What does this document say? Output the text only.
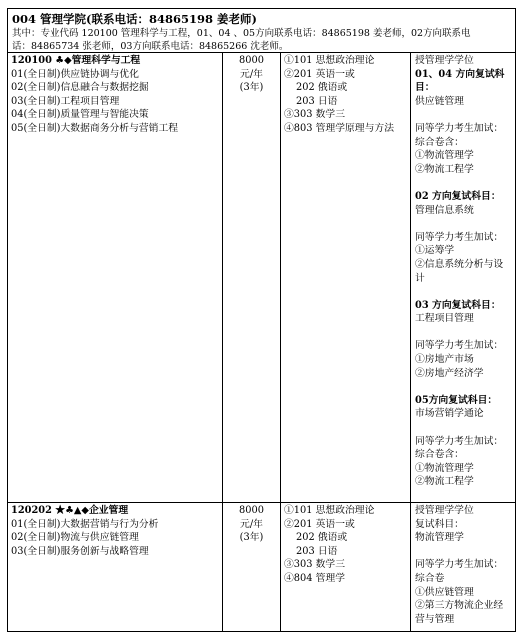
004 管理学院(联系电话：84865198 姜老师)
其中：专业代码 120100 管理科学与工程，01、04 、05方向联系电话：84865198 姜老师，02方向联系电
话：84865734 张老师，03方向联系电话：84865266 沈老师。
120100 ♣◆管理科学与工程
01(全日制)供应链协调与优化
02(全日制)信息融合与数据挖掘
03(全日制)工程项目管理
04(全日制)质量管理与智能决策
05(全日制)大数据商务分析与营销工程
8000
元/年
(3年)
①101 思想政治理论
②201 英语一或
202 俄语或
203 日语
③303 数学三
④803 管理学原理与方法
授管理学学位
01、04 方向复试科
目：
供应链管理
同等学力考生加试：
综合卷含：
①物流管理学
②物流工程学
02 方向复试科目：
管理信息系统
同等学力考生加试：
①运筹学
②信息系统分析与设
计
03 方向复试科目：
工程项目管理
同等学力考生加试：
①房地产市场
②房地产经济学
05方向复试科目：
市场营销学通论
同等学力考生加试：
综合卷含：
①物流管理学
②物流工程学
120202 ★♣▲◆企业管理
01(全日制)大数据营销与行为分析
02(全日制)物流与供应链管理
03(全日制)服务创新与战略管理
8000
元/年
(3年)
①101 思想政治理论
②201 英语一或
202 俄语或
203 日语
③303 数学三
④804 管理学
授管理学学位
复试科目：
物流管理学
同等学力考生加试：
综合卷
①供应链管理
②第三方物流企业经
营与管理
